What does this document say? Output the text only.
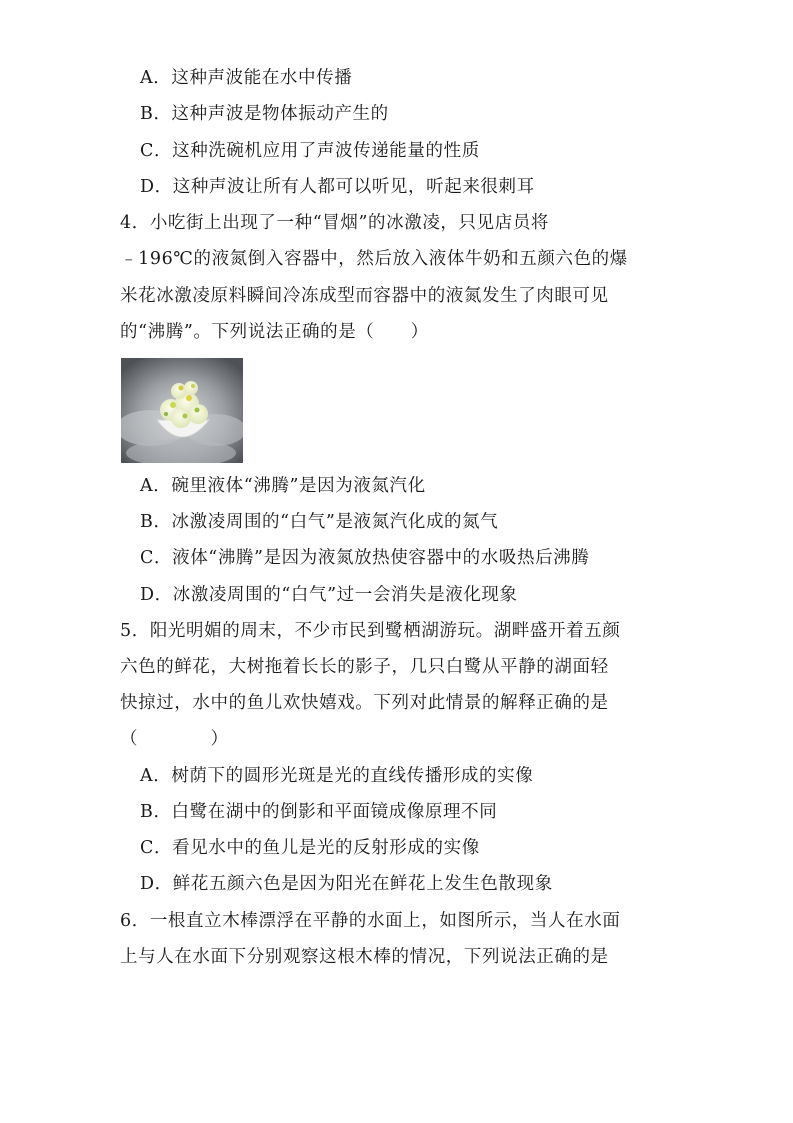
A．这种声波能在水中传播
B．这种声波是物体振动产生的
C．这种洗碗机应用了声波传递能量的性质
D．这种声波让所有人都可以听见，听起来很刺耳
4．小吃街上出现了一种“冒烟”的冰激凌，只见店员将
﹣196℃的液氮倒入容器中，然后放入液体牛奶和五颜六色的爆
米花冰激凌原料瞬间冷冻成型而容器中的液氮发生了肉眼可见
的“沸腾”。下列说法正确的是（　　）
A．碗里液体“沸腾”是因为液氮汽化
B．冰激凌周围的“白气”是液氮汽化成的氮气
C．液体“沸腾”是因为液氮放热使容器中的水吸热后沸腾
D．冰激凌周围的“白气”过一会消失是液化现象
5．阳光明媚的周末，不少市民到鹭栖湖游玩。湖畔盛开着五颜
六色的鲜花，大树拖着长长的影子，几只白鹭从平静的湖面轻
快掠过，水中的鱼儿欢快嬉戏。下列对此情景的解释正确的是
（　　　　）
A．树荫下的圆形光斑是光的直线传播形成的实像
B．白鹭在湖中的倒影和平面镜成像原理不同
C．看见水中的鱼儿是光的反射形成的实像
D．鲜花五颜六色是因为阳光在鲜花上发生色散现象
6．一根直立木棒漂浮在平静的水面上，如图所示，当人在水面
上与人在水面下分别观察这根木棒的情况，下列说法正确的是
